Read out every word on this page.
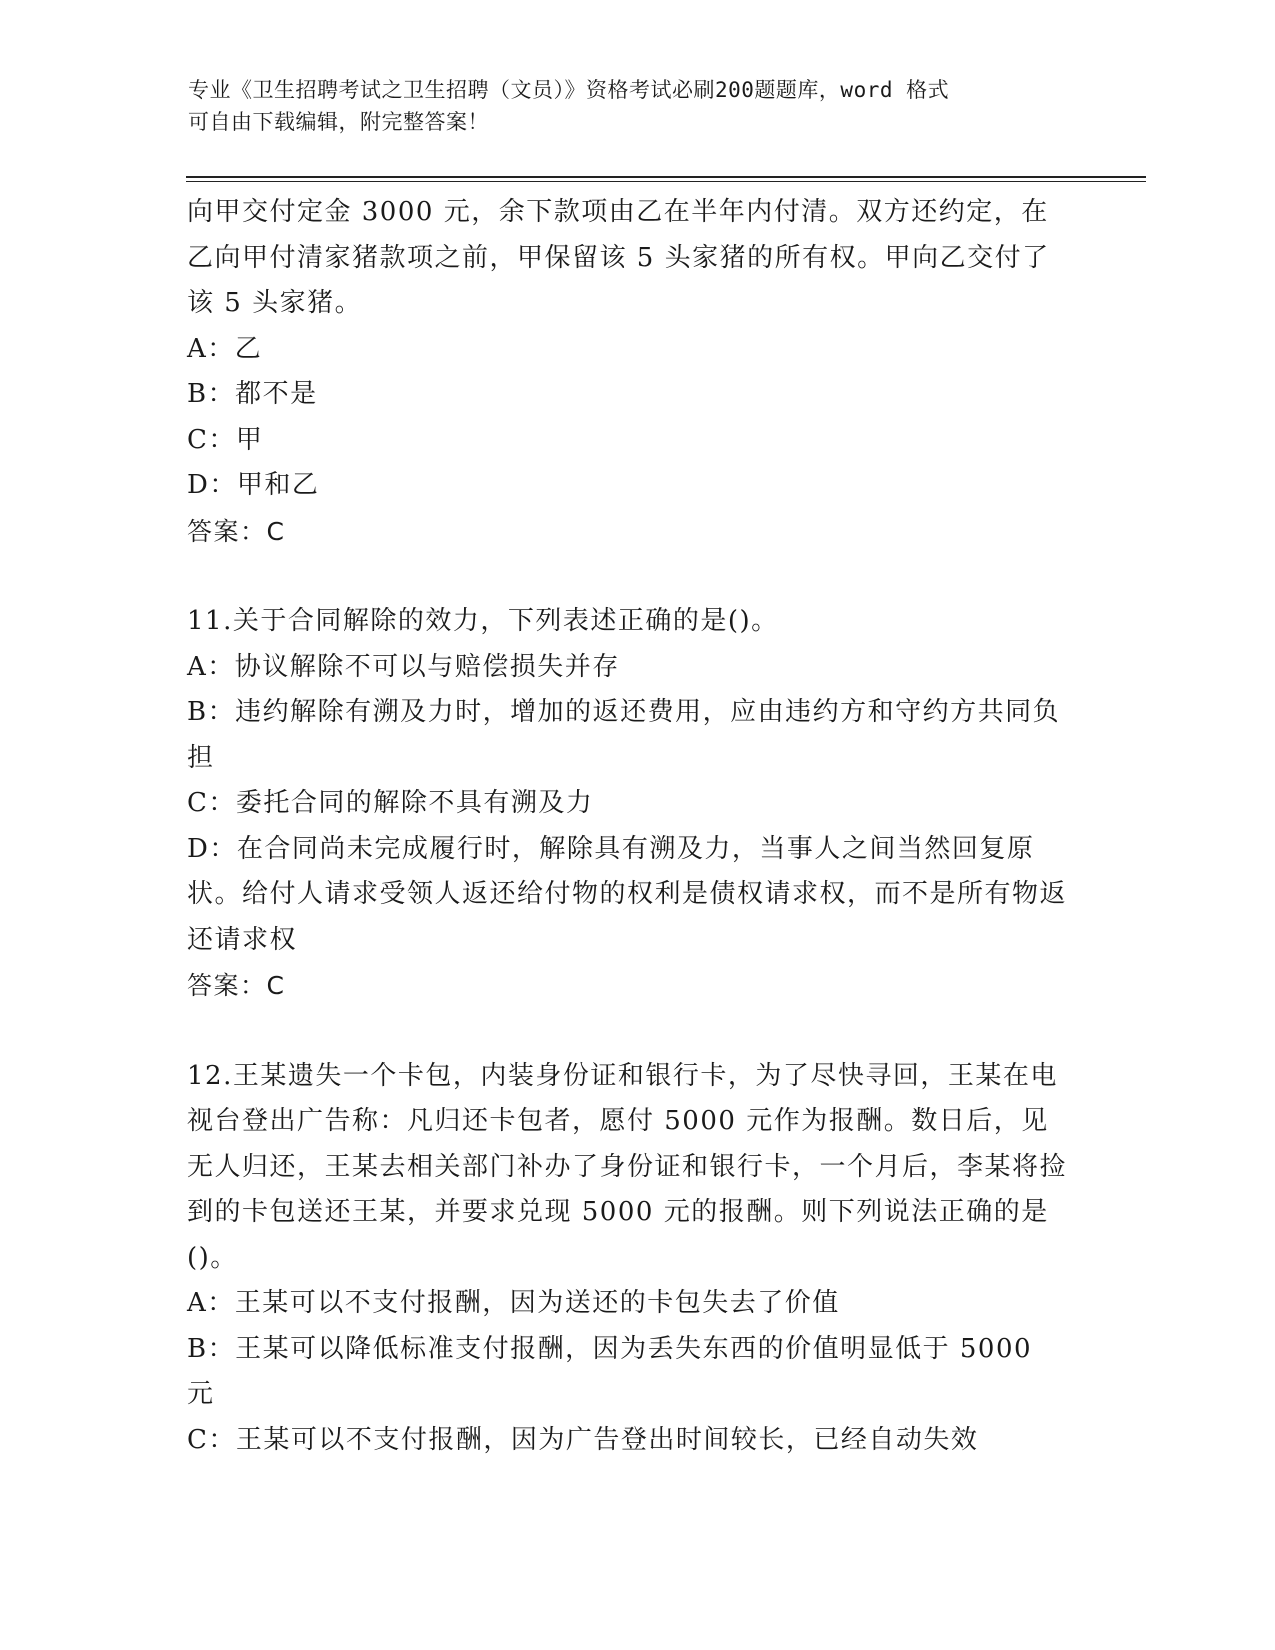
专业《卫生招聘考试之卫生招聘（文员）》资格考试必刷200题题库，word 格式
可自由下载编辑，附完整答案！

向甲交付定金 3000 元，余下款项由乙在半年内付清。双方还约定，在乙向甲付清家猪款项之前，甲保留该 5 头家猪的所有权。甲向乙交付了该 5 头家猪。

A：乙

B：都不是

C：甲

D：甲和乙

答案：C

11.关于合同解除的效力，下列表述正确的是()。

A：协议解除不可以与赔偿损失并存

B：违约解除有溯及力时，增加的返还费用，应由违约方和守约方共同负担

C：委托合同的解除不具有溯及力

D：在合同尚未完成履行时，解除具有溯及力，当事人之间当然回复原状。给付人请求受领人返还给付物的权利是债权请求权，而不是所有物返还请求权

答案：C

12.王某遗失一个卡包，内装身份证和银行卡，为了尽快寻回，王某在电视台登出广告称：凡归还卡包者，愿付 5000 元作为报酬。数日后，见无人归还，王某去相关部门补办了身份证和银行卡，一个月后，李某将捡到的卡包送还王某，并要求兑现 5000 元的报酬。则下列说法正确的是()。

A：王某可以不支付报酬，因为送还的卡包失去了价值

B：王某可以降低标准支付报酬，因为丢失东西的价值明显低于 5000 元

C：王某可以不支付报酬，因为广告登出时间较长，已经自动失效
